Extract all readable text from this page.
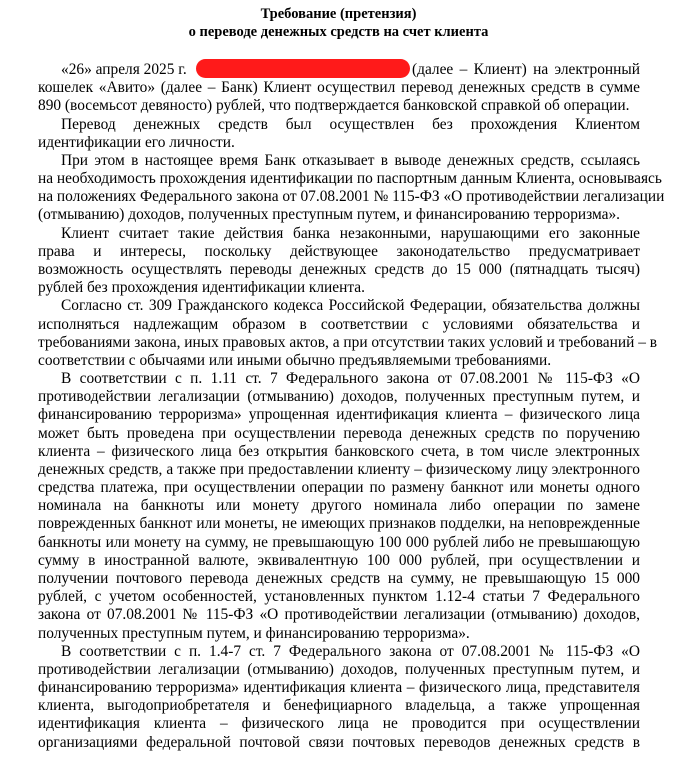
Требование (претензия)
о переводе денежных средств на счет клиента
«26» апреля 2025 г.	(далее – Клиент) на электронный
кошелек «Авито» (далее – Банк) Клиент осуществил перевод денежных средств в сумме
890 (восемьсот девяносто) рублей, что подтверждается банковской справкой об операции.
Перевод денежных средств был осуществлен без прохождения Клиентом
идентификации его личности.
При этом в настоящее время Банк отказывает в выводе денежных средств, ссылаясь
на необходимость прохождения идентификации по паспортным данным Клиента, основываясь
на положениях Федерального закона от 07.08.2001 № 115-ФЗ «О противодействии легализации
(отмыванию) доходов, полученных преступным путем, и финансированию терроризма».
Клиент считает такие действия банка незаконными, нарушающими его законные
права и интересы, поскольку действующее законодательство предусматривает
возможность осуществлять переводы денежных средств до 15 000 (пятнадцать тысяч)
рублей без прохождения идентификации клиента.
Согласно ст. 309 Гражданского кодекса Российской Федерации, обязательства должны
исполняться надлежащим образом в соответствии с условиями обязательства и
требованиями закона, иных правовых актов, а при отсутствии таких условий и требований – в
соответствии с обычаями или иными обычно предъявляемыми требованиями.
В соответствии с п. 1.11 ст. 7 Федерального закона от 07.08.2001 № 115-ФЗ «О
противодействии легализации (отмыванию) доходов, полученных преступным путем, и
финансированию терроризма» упрощенная идентификация клиента – физического лица
может быть проведена при осуществлении перевода денежных средств по поручению
клиента – физического лица без открытия банковского счета, в том числе электронных
денежных средств, а также при предоставлении клиенту – физическому лицу электронного
средства платежа, при осуществлении операции по размену банкнот или монеты одного
номинала на банкноты или монету другого номинала либо операции по замене
поврежденных банкнот или монеты, не имеющих признаков подделки, на неповрежденные
банкноты или монету на сумму, не превышающую 100 000 рублей либо не превышающую
сумму в иностранной валюте, эквивалентную 100 000 рублей, при осуществлении и
получении почтового перевода денежных средств на сумму, не превышающую 15 000
рублей, с учетом особенностей, установленных пунктом 1.12-4 статьи 7 Федерального
закона от 07.08.2001 № 115-ФЗ «О противодействии легализации (отмыванию) доходов,
полученных преступным путем, и финансированию терроризма».
В соответствии с п. 1.4-7 ст. 7 Федерального закона от 07.08.2001 № 115-ФЗ «О
противодействии легализации (отмыванию) доходов, полученных преступным путем, и
финансированию терроризма» идентификация клиента – физического лица, представителя
клиента, выгодоприобретателя и бенефициарного владельца, а также упрощенная
идентификация клиента – физического лица не проводится при осуществлении
организациями федеральной почтовой связи почтовых переводов денежных средств в
